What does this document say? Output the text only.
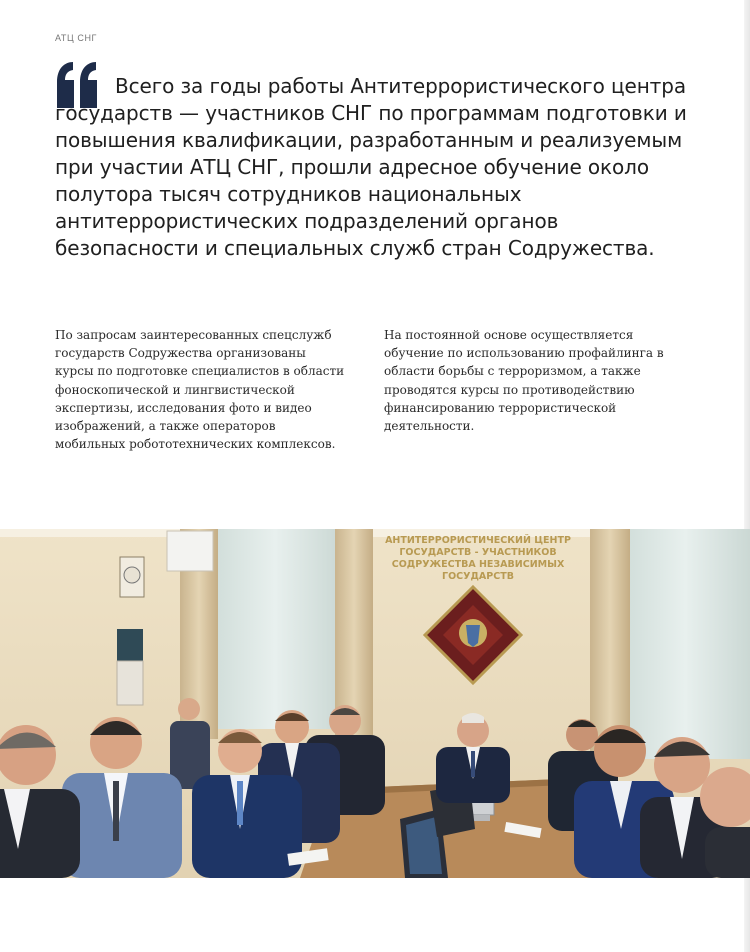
АТЦ СНГ

Всего за годы работы Антитеррористического центра государств — участников СНГ по программам подготовки и повышения квалификации, разработанным и реализуемым при участии АТЦ СНГ, прошли адресное обучение около полутора тысяч сотрудников национальных антитеррористических подразделений органов безопасности и специальных служб стран Содружества.

По запросам заинтересованных спецслужб государств Содружества организованы курсы по подготовке специалистов в области фоноскопической и лингвистической экспертизы, исследования фото и видео изображений, а также операторов мобильных робототехнических комплексов.

На постоянной основе осуществляется обучение по использованию профайлинга в области борьбы с терроризмом, а также проводятся курсы по противодействию финансированию террористической деятельности.

АНТИТЕРРОРИСТИЧЕСКИЙ ЦЕНТР
ГОСУДАРСТВ - УЧАСТНИКОВ
СОДРУЖЕСТВА НЕЗАВИСИМЫХ
ГОСУДАРСТВ
